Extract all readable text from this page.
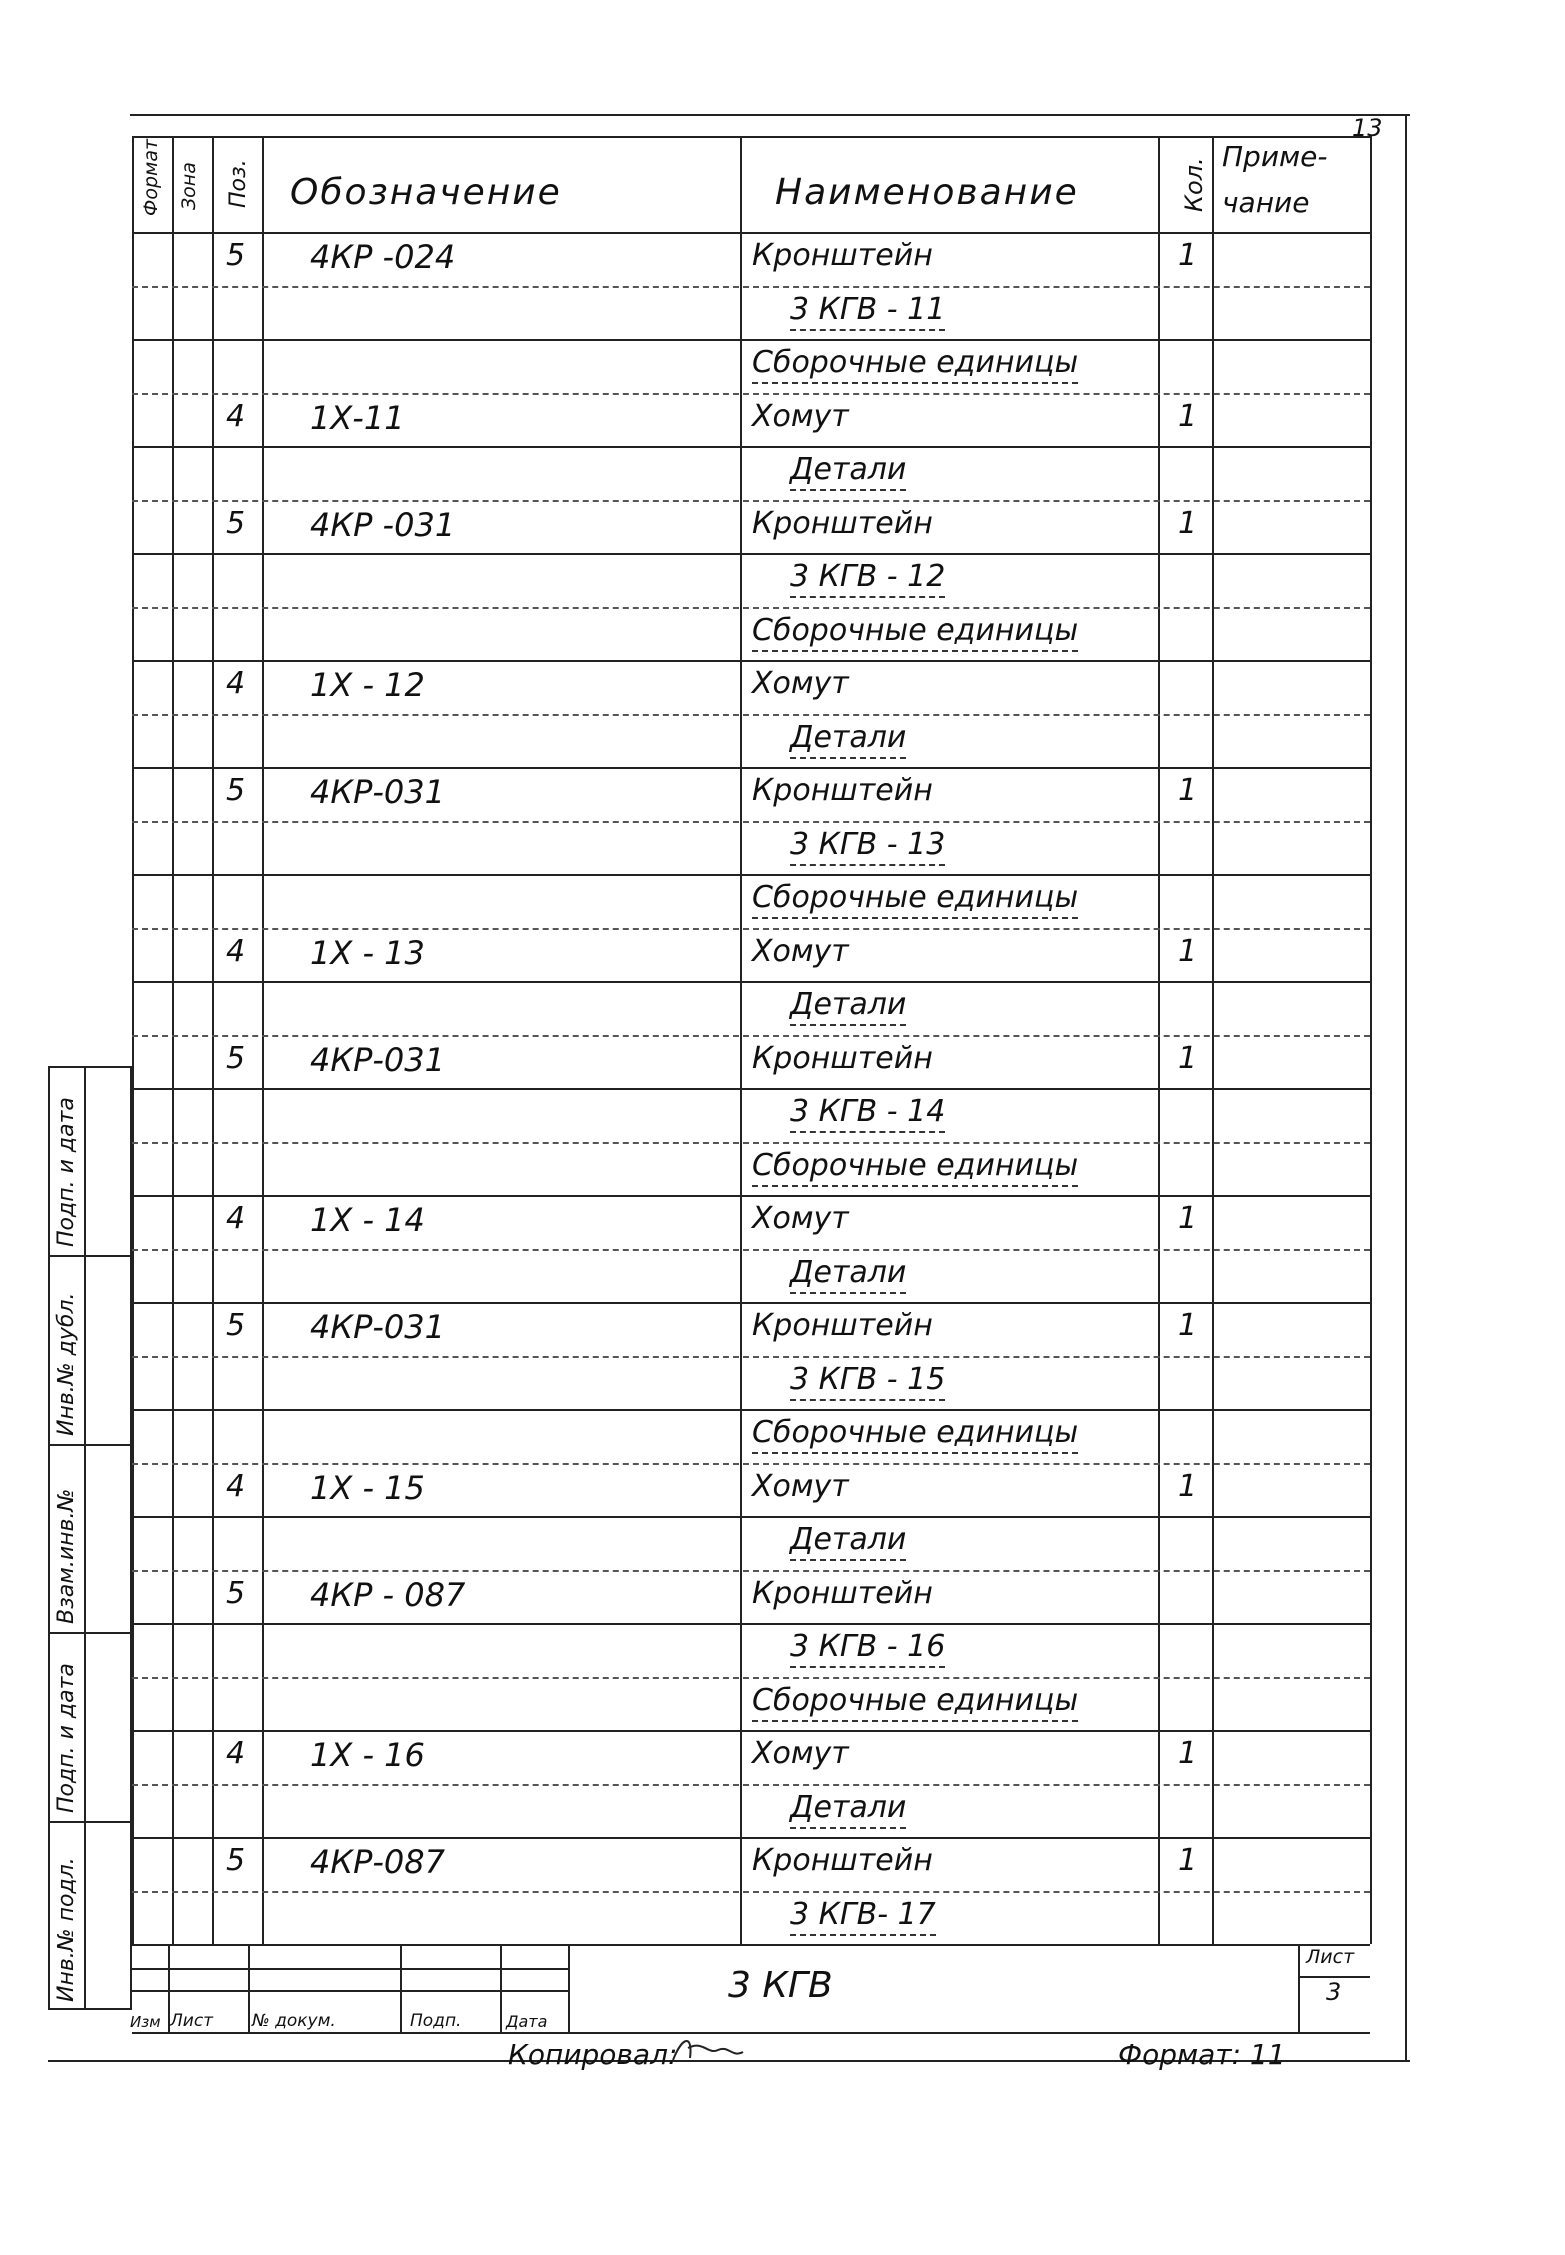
13
Формат Зона Поз. Обозначение	Наименование	Кол.
Приме-
чание
5 4КР -024	Кронштейн	1
3 КГВ - 11
Сборочные единицы
4 1Х-11	Хомут	1
Детали
5 4КР -031	Кронштейн	1
3 КГВ - 12
Сборочные единицы
4 1Х - 12	Хомут
Детали
5 4КР-031	Кронштейн	1
3 КГВ - 13
Сборочные единицы
4 1Х - 13	Хомут	1
Детали
5 4КР-031	Кронштейн	1
3 КГВ - 14
Сборочные единицы
4 1Х - 14	Хомут	1
Детали
5 4КР-031	Кронштейн	1
3 КГВ - 15
Сборочные единицы
4 1Х - 15	Хомут	1
Детали
5 4КР - 087	Кронштейн
3 КГВ - 16
Сборочные единицы
4 1Х - 16	Хомут	1
Детали
5 4КР-087	Кронштейн	1
3 КГВ- 17
Инв.№ подл.
Подп. и дата
Взам.инв.№
Инв.№ дубл.
Подп. и дата
3 КГВ
Лист
3
Изм Лист № докум.	Подп.	Дата
Копировал:	Формат: 11
